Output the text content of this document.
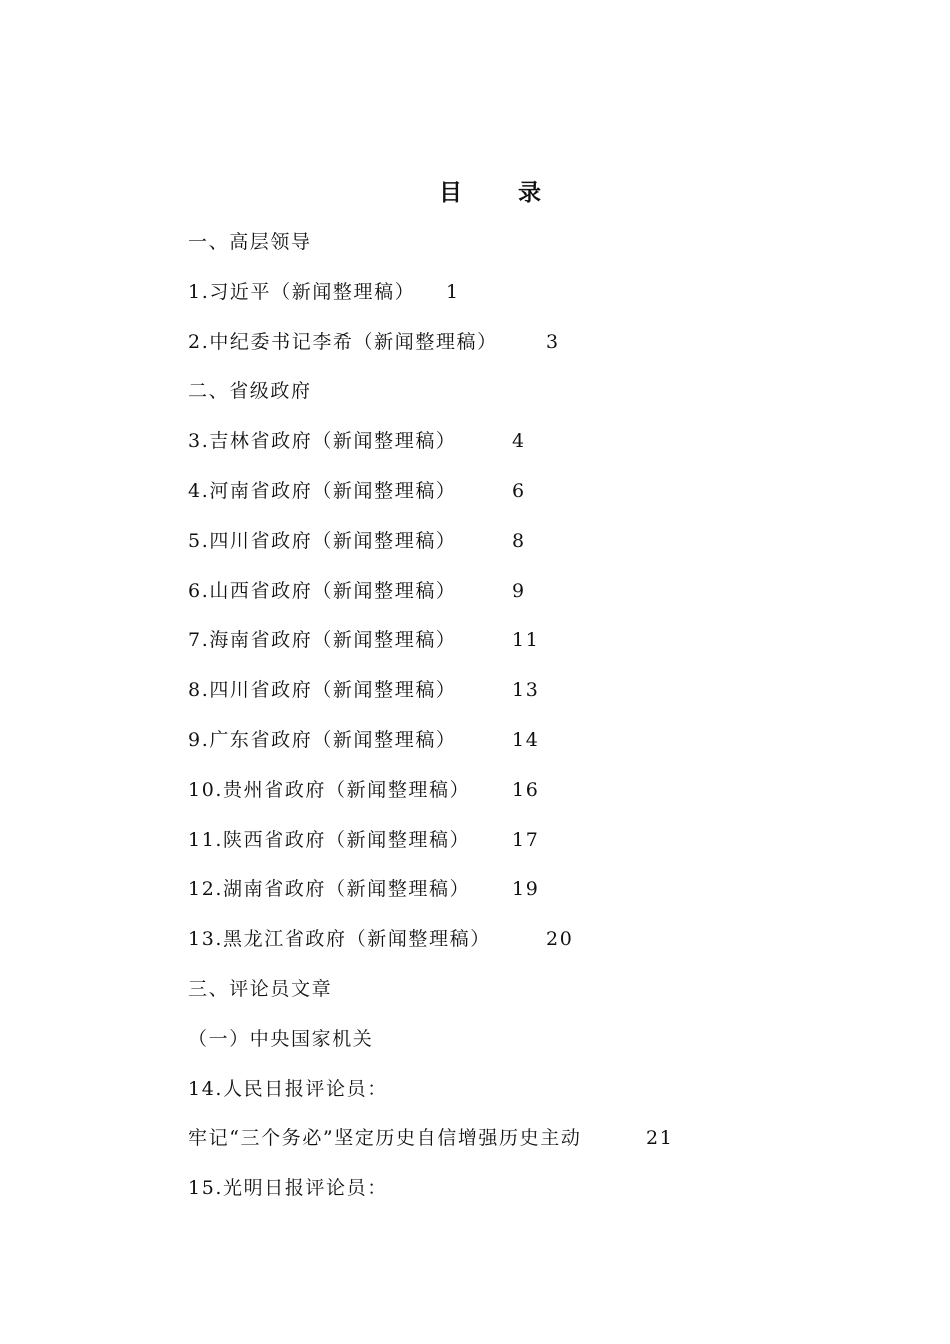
目 录
一、高层领导
1.习近平（新闻整理稿） 1
2.中纪委书记李希（新闻整理稿）	3
二、省级政府
3.吉林省政府（新闻整理稿）	4
4.河南省政府（新闻整理稿）	6
5.四川省政府（新闻整理稿）	8
6.山西省政府（新闻整理稿）	9
7.海南省政府（新闻整理稿）	11
8.四川省政府（新闻整理稿）	13
9.广东省政府（新闻整理稿）	14
10.贵州省政府（新闻整理稿） 16
11.陕西省政府（新闻整理稿） 17
12.湖南省政府（新闻整理稿） 19
13.黑龙江省政府（新闻整理稿）	20
三、评论员文章
（一）中央国家机关
14.人民日报评论员：
牢记“三个务必”坚定历史自信增强历史主动	21
15.光明日报评论员：
